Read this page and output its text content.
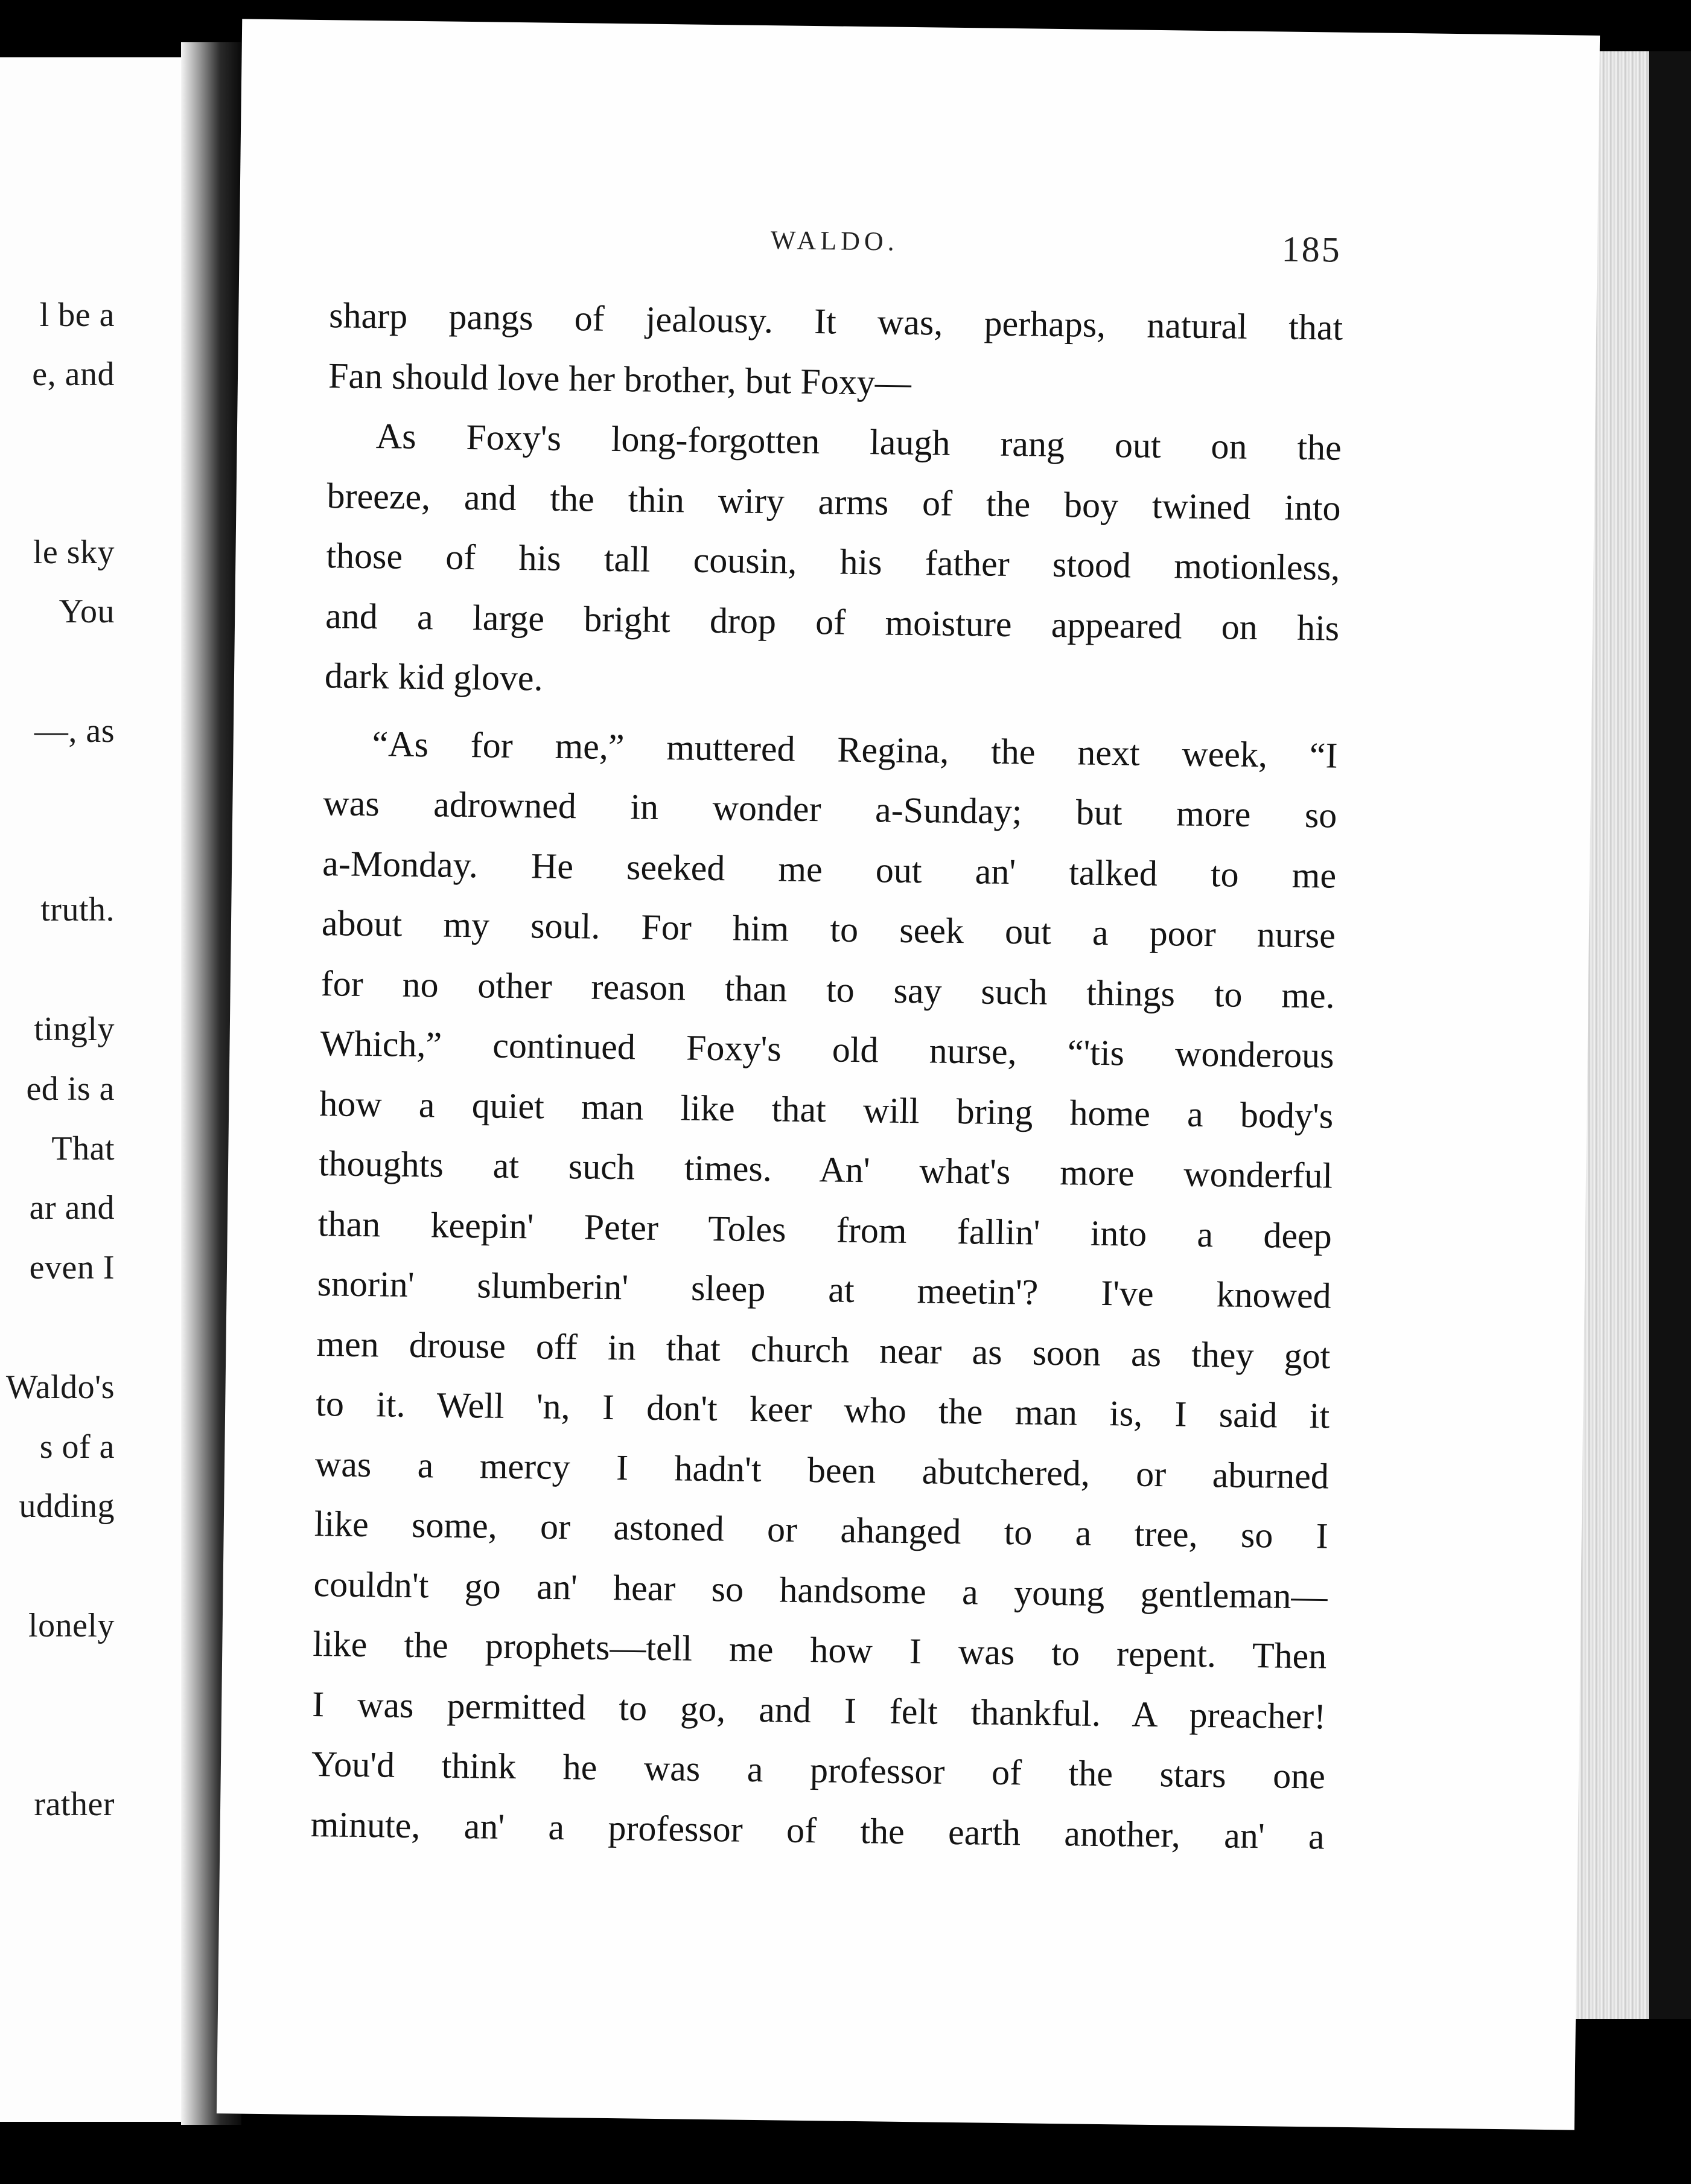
l be a
e, and
le sky
You
—, as
truth.
tingly
ed is a
That
ar and
even I
Waldo's
s of a
udding
lonely
rather
WALDO.	185
sharp pangs of jealousy. It was, perhaps, natural that
Fan should love her brother, but Foxy—
As Foxy's long-forgotten laugh rang out on the
breeze, and the thin wiry arms of the boy twined into
those of his tall cousin, his father stood motionless,
and a large bright drop of moisture appeared on his
dark kid glove.
“As for me,” muttered Regina, the next week, “I
was adrowned in wonder a-Sunday; but more so
a-Monday. He seeked me out an' talked to me
about my soul. For him to seek out a poor nurse
for no other reason than to say such things to me.
Which,” continued Foxy's old nurse, “'tis wonderous
how a quiet man like that will bring home a body's
thoughts at such times. An' what's more wonderful
than keepin' Peter Toles from fallin' into a deep
snorin' slumberin' sleep at meetin'? I've knowed
men drouse off in that church near as soon as they got
to it. Well 'n, I don't keer who the man is, I said it
was a mercy I hadn't been abutchered, or aburned
like some, or astoned or ahanged to a tree, so I
couldn't go an' hear so handsome a young gentleman—
like the prophets—tell me how I was to repent. Then
I was permitted to go, and I felt thankful. A preacher!
You'd think he was a professor of the stars one
minute, an' a professor of the earth another, an' a
